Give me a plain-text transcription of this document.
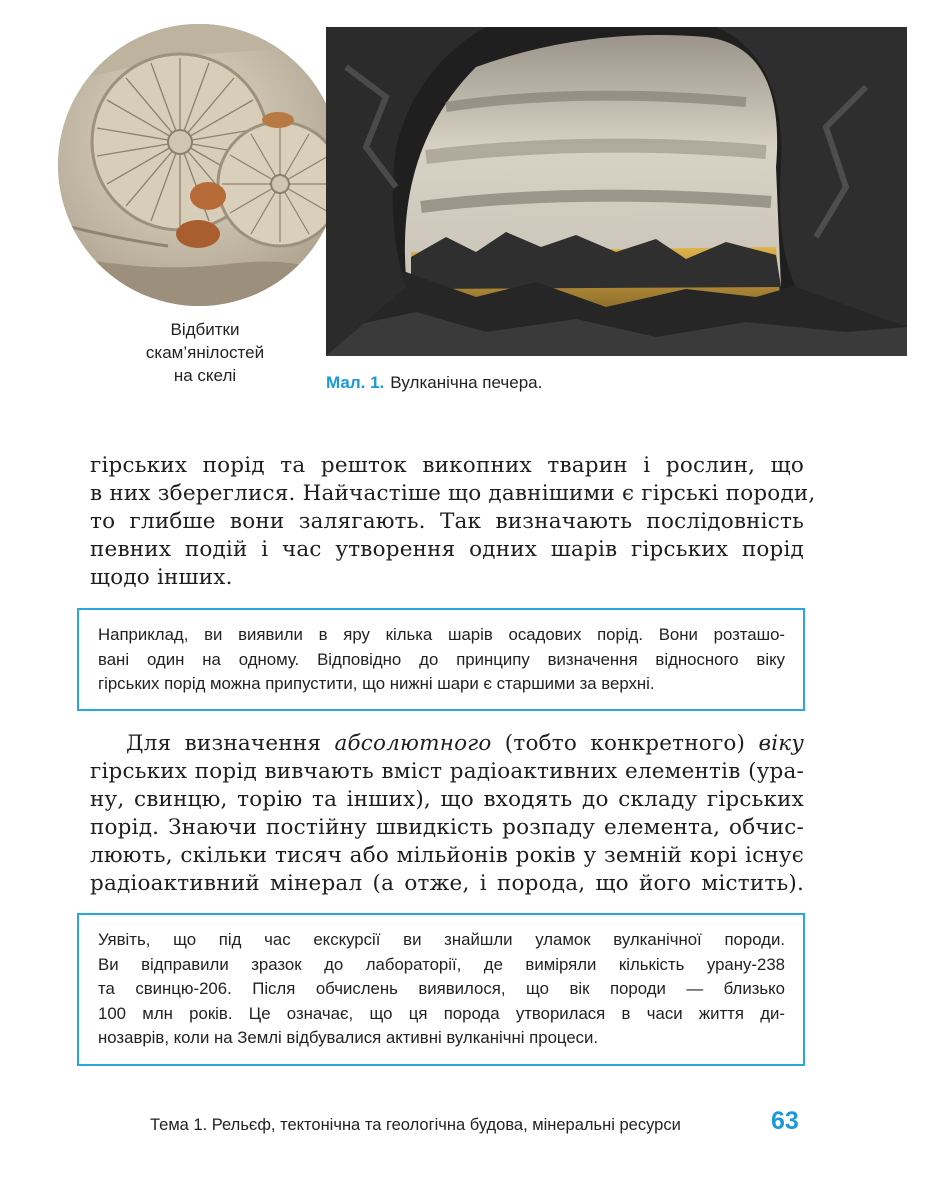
Відбитки
скам’янілостей
на скелі	Мал. 1. Вулканічна печера.
гірських порід та решток викопних тварин і рослин, що
в них збереглися. Найчастіше що давнішими є гірські породи,
то глибше вони залягають. Так визначають послідовність
певних подій і час утворення одних шарів гірських порід
щодо інших.
Наприклад, ви виявили в яру кілька шарів осадових порід. Вони розташо-
вані один на одному. Відповідно до принципу визначення відносного віку
гірських порід можна припустити, що нижні шари є старшими за верхні.
Для визначення абсолютного (тобто конкретного) віку
гірських порід вивчають вміст радіоактивних елементів (ура-
ну, свинцю, торію та інших), що входять до складу гірських
порід. Знаючи постійну швидкість розпаду елемента, обчис-
люють, скільки тисяч або мільйонів років у земній корі існує
радіоактивний мінерал (а отже, і порода, що його містить).
Уявіть, що під час екскурсії ви знайшли уламок вулканічної породи.
Ви відправили зразок до лабораторії, де виміряли кількість урану-238
та свинцю-206. Після обчислень виявилося, що вік породи — близько
100 млн років. Це означає, що ця порода утворилася в часи життя ди-
нозаврів, коли на Землі відбувалися активні вулканічні процеси.
Тема 1. Рельєф, тектонічна та геологічна будова, мінеральні ресурси	63
